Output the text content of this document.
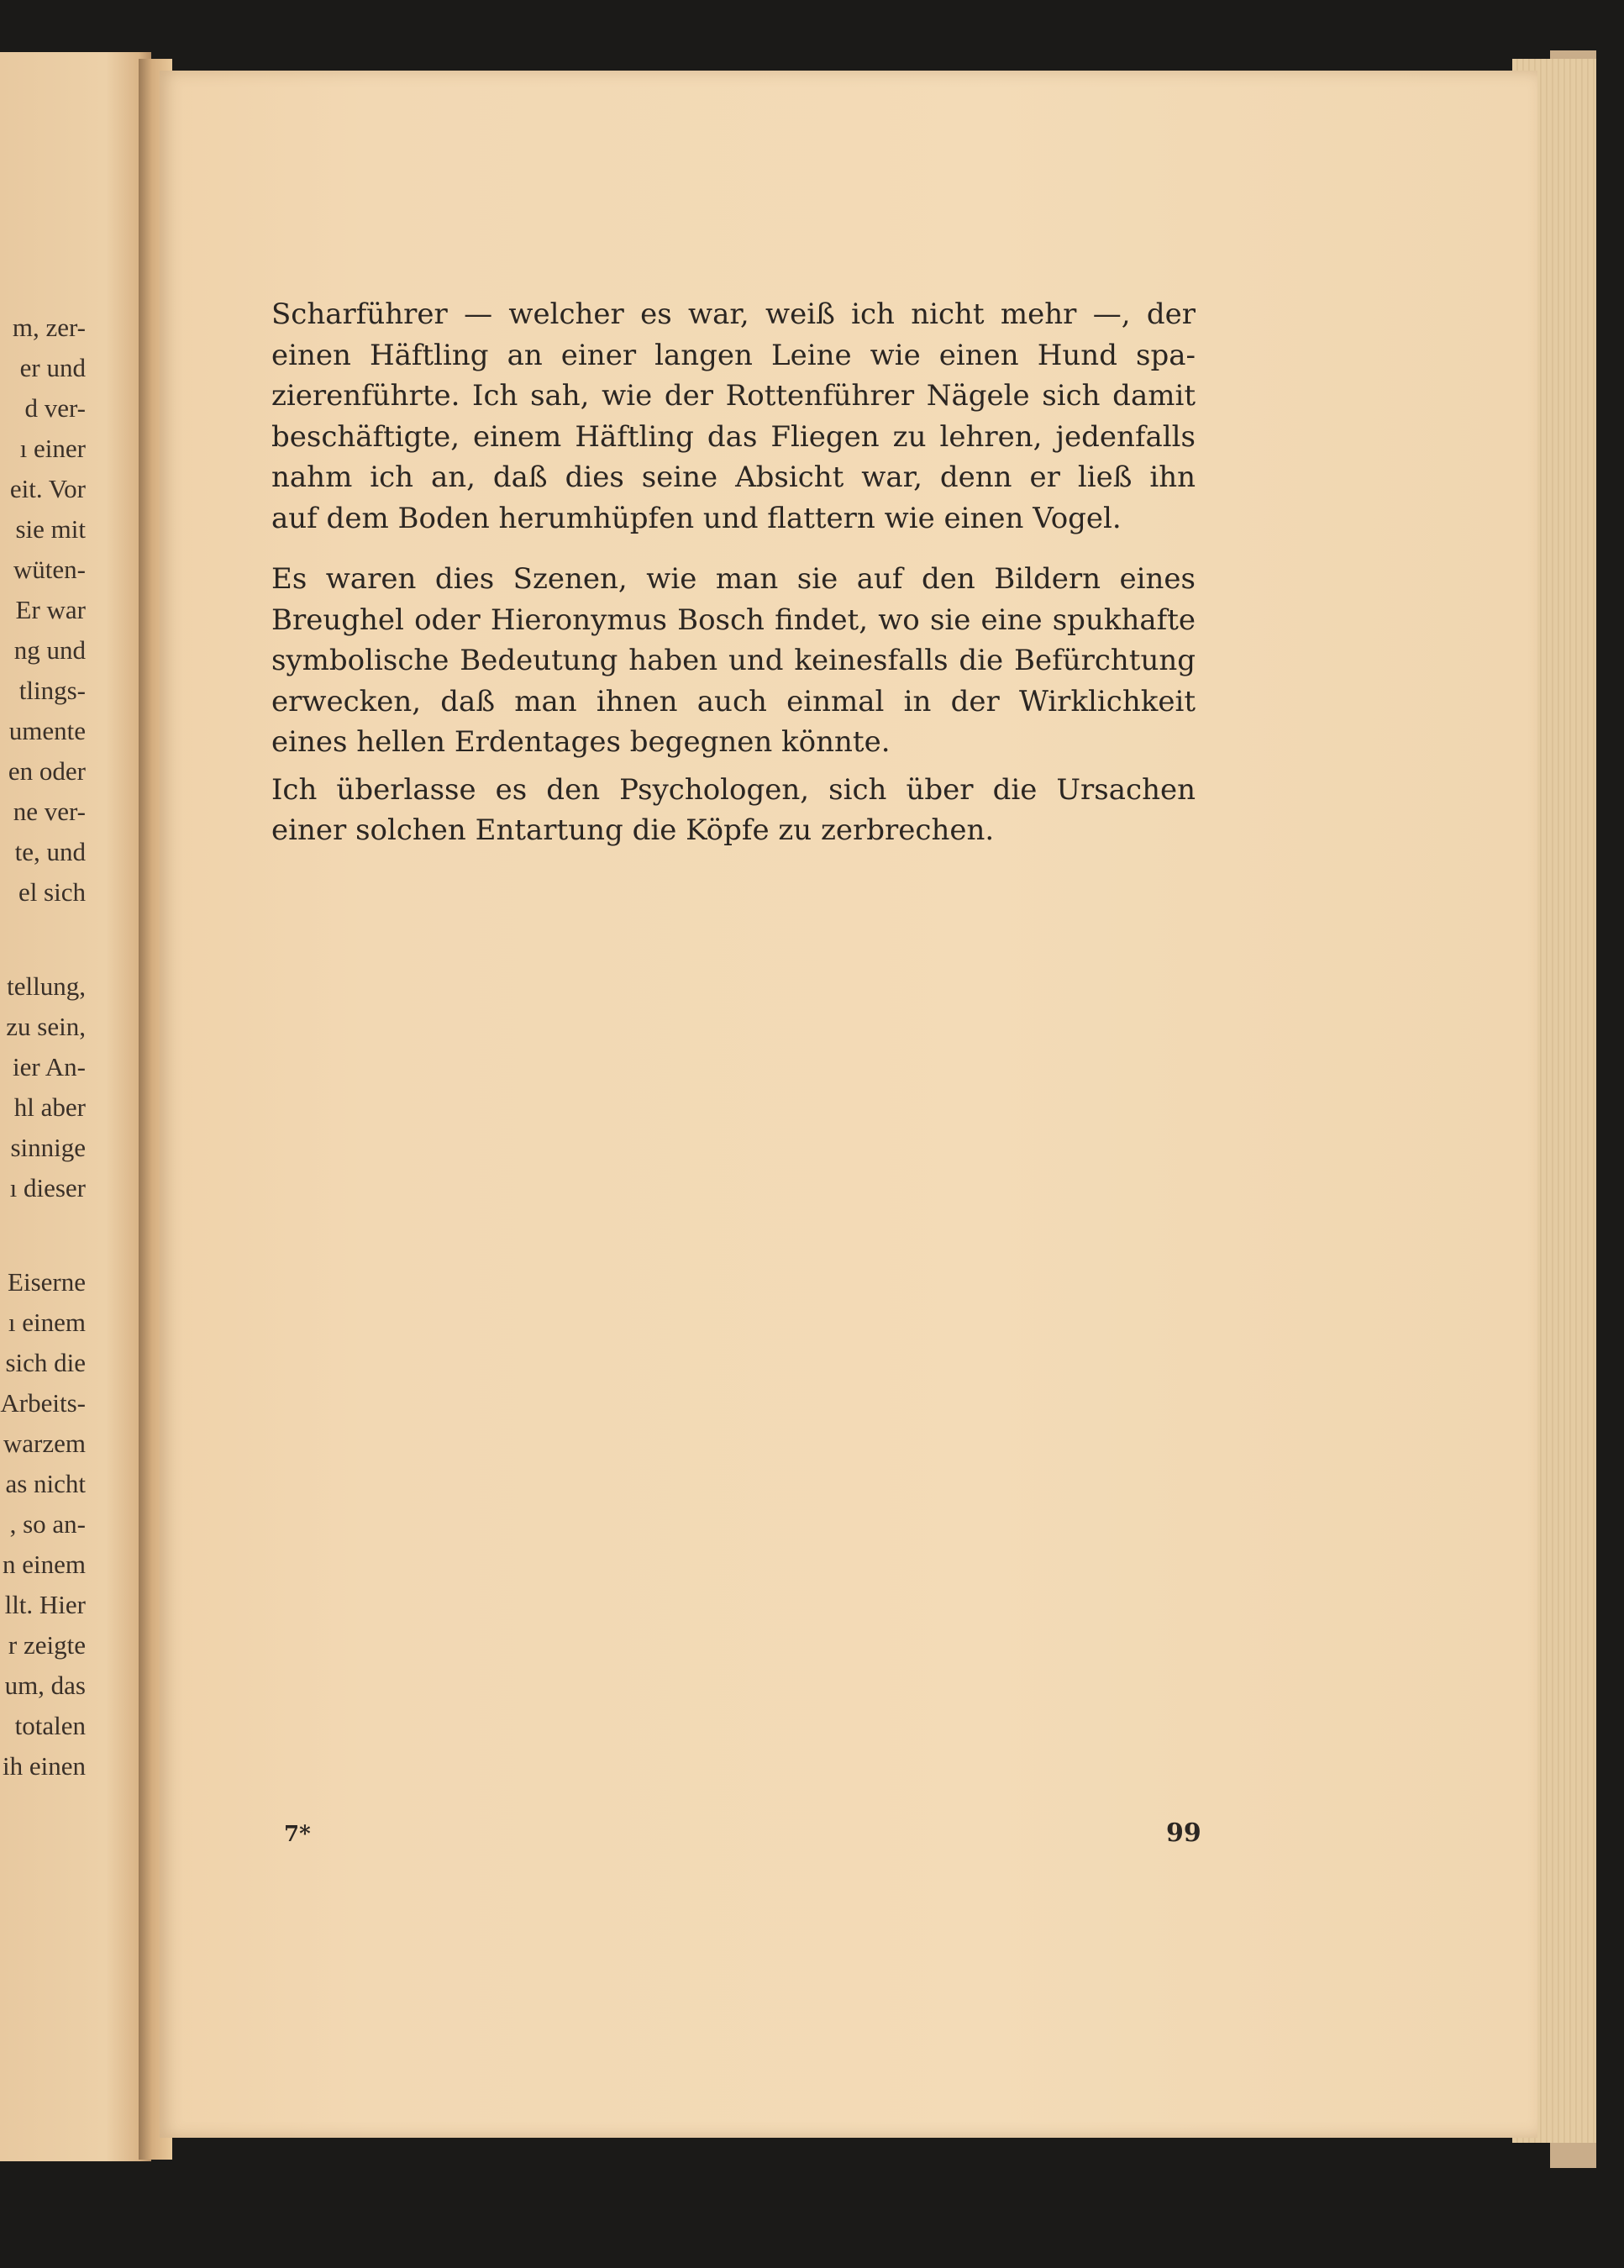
m, zer-
er und
d ver-
ı einer
eit. Vor
sie mit
wüten-
Er war
ng und
tlings-
umente
en oder
ne ver-
te, und
el sich
tellung,
zu sein,
ier An-
hl aber
sinnige
ı dieser
Eiserne
ı einem
sich die
Arbeits-
warzem
as nicht
, so an-
n einem
llt. Hier
r zeigte
um, das
totalen
ih einen
Scharführer — welcher es war, weiß ich nicht mehr —, der
einen Häftling an einer langen Leine wie einen Hund spa-
zierenführte. Ich sah, wie der Rottenführer Nägele sich damit
beschäftigte, einem Häftling das Fliegen zu lehren, jedenfalls
nahm ich an, daß dies seine Absicht war, denn er ließ ihn
auf dem Boden herumhüpfen und flattern wie einen Vogel.
Es waren dies Szenen, wie man sie auf den Bildern eines
Breughel oder Hieronymus Bosch findet, wo sie eine spukhafte
symbolische Bedeutung haben und keinesfalls die Befürchtung
erwecken, daß man ihnen auch einmal in der Wirklichkeit
eines hellen Erdentages begegnen könnte.
Ich überlasse es den Psychologen, sich über die Ursachen
einer solchen Entartung die Köpfe zu zerbrechen.
7*	99
